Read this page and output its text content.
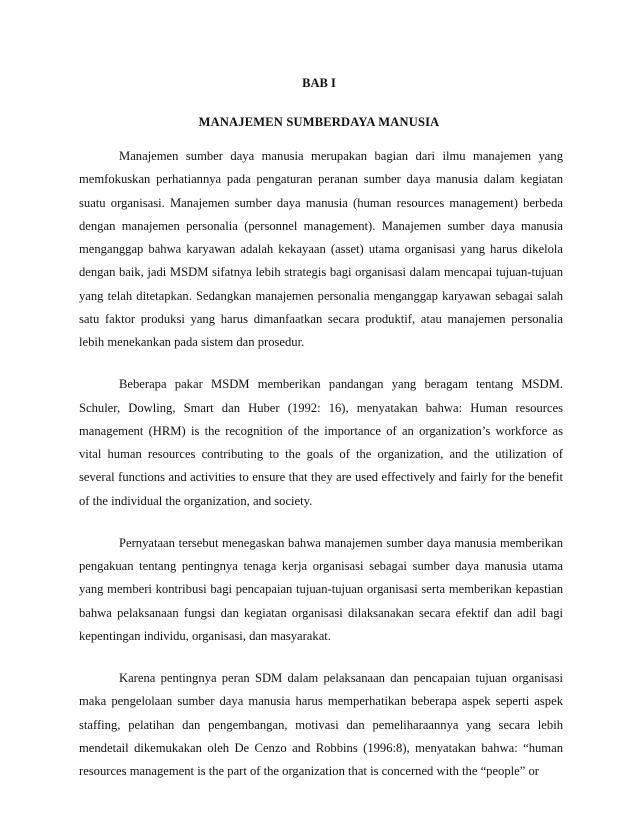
BAB I
MANAJEMEN SUMBERDAYA MANUSIA

Manajemen sumber daya manusia merupakan bagian dari ilmu manajemen yang memfokuskan perhatiannya pada pengaturan peranan sumber daya manusia dalam kegiatan suatu organisasi. Manajemen sumber daya manusia (human resources management) berbeda dengan manajemen personalia (personnel management). Manajemen sumber daya manusia menganggap bahwa karyawan adalah kekayaan (asset) utama organisasi yang harus dikelola dengan baik, jadi MSDM sifatnya lebih strategis bagi organisasi dalam mencapai tujuan-tujuan yang telah ditetapkan. Sedangkan manajemen personalia menganggap karyawan sebagai salah satu faktor produksi yang harus dimanfaatkan secara produktif, atau manajemen personalia lebih menekankan pada sistem dan prosedur.

Beberapa pakar MSDM memberikan pandangan yang beragam tentang MSDM. Schuler, Dowling, Smart dan Huber (1992: 16), menyatakan bahwa: Human resources management (HRM) is the recognition of the importance of an organization’s workforce as vital human resources contributing to the goals of the organization, and the utilization of several functions and activities to ensure that they are used effectively and fairly for the benefit of the individual the organization, and society.

Pernyataan tersebut menegaskan bahwa manajemen sumber daya manusia memberikan pengakuan tentang pentingnya tenaga kerja organisasi sebagai sumber daya manusia utama yang memberi kontribusi bagi pencapaian tujuan-tujuan organisasi serta memberikan kepastian bahwa pelaksanaan fungsi dan kegiatan organisasi dilaksanakan secara efektif dan adil bagi kepentingan individu, organisasi, dan masyarakat.

Karena pentingnya peran SDM dalam pelaksanaan dan pencapaian tujuan organisasi maka pengelolaan sumber daya manusia harus memperhatikan beberapa aspek seperti aspek staffing, pelatihan dan pengembangan, motivasi dan pemeliharaannya yang secara lebih mendetail dikemukakan oleh De Cenzo and Robbins (1996:8), menyatakan bahwa: “human resources management is the part of the organization that is concerned with the “people” or
